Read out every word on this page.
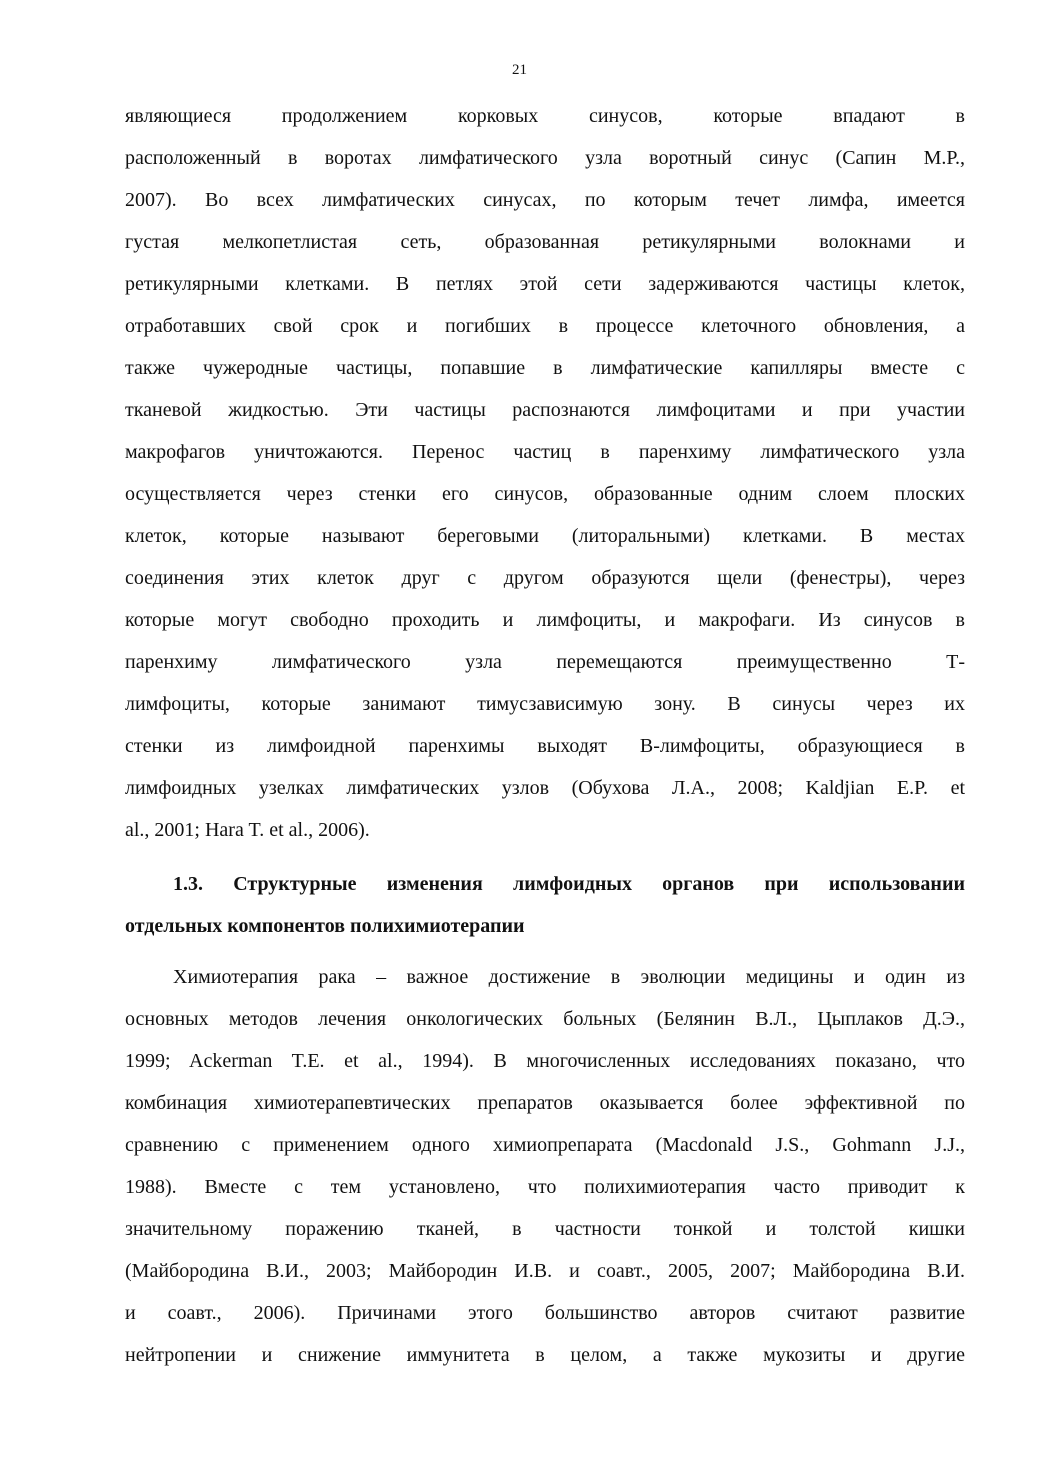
21
являющиеся продолжением корковых синусов, которые впадают в
расположенный в воротах лимфатического узла воротный синус (Сапин М.Р.,
2007). Во всех лимфатических синусах, по которым течет лимфа, имеется
густая мелкопетлистая сеть, образованная ретикулярными волокнами и
ретикулярными клетками. В петлях этой сети задерживаются частицы клеток,
отработавших свой срок и погибших в процессе клеточного обновления, а
также чужеродные частицы, попавшие в лимфатические капилляры вместе с
тканевой жидкостью. Эти частицы распознаются лимфоцитами и при участии
макрофагов уничтожаются. Перенос частиц в паренхиму лимфатического узла
осуществляется через стенки его синусов, образованные одним слоем плоских
клеток, которые называют береговыми (литоральными) клетками. В местах
соединения этих клеток друг с другом образуются щели (фенестры), через
которые могут свободно проходить и лимфоциты, и макрофаги. Из синусов в
паренхиму лимфатического узла перемещаются преимущественно Т-
лимфоциты, которые занимают тимусзависимую зону. В синусы через их
стенки из лимфоидной паренхимы выходят В-лимфоциты, образующиеся в
лимфоидных узелках лимфатических узлов (Обухова Л.А., 2008; Kaldjian E.P. et
al., 2001; Hara T. et al., 2006).
1.3. Структурные изменения лимфоидных органов при использовании
отдельных компонентов полихимиотерапии
Химиотерапия рака – важное достижение в эволюции медицины и один из
основных методов лечения онкологических больных (Белянин В.Л., Цыплаков Д.Э.,
1999; Ackerman T.E. et al., 1994). В многочисленных исследованиях показано, что
комбинация химиотерапевтических препаратов оказывается более эффективной по
сравнению с применением одного химиопрепарата (Macdonald J.S., Gohmann J.J.,
1988). Вместе с тем установлено, что полихимиотерапия часто приводит к
значительному поражению тканей, в частности тонкой и толстой кишки
(Майбородина В.И., 2003; Майбородин И.В. и соавт., 2005, 2007; Майбородина В.И.
и соавт., 2006). Причинами этого большинство авторов считают развитие
нейтропении и снижение иммунитета в целом, а также мукозиты и другие
